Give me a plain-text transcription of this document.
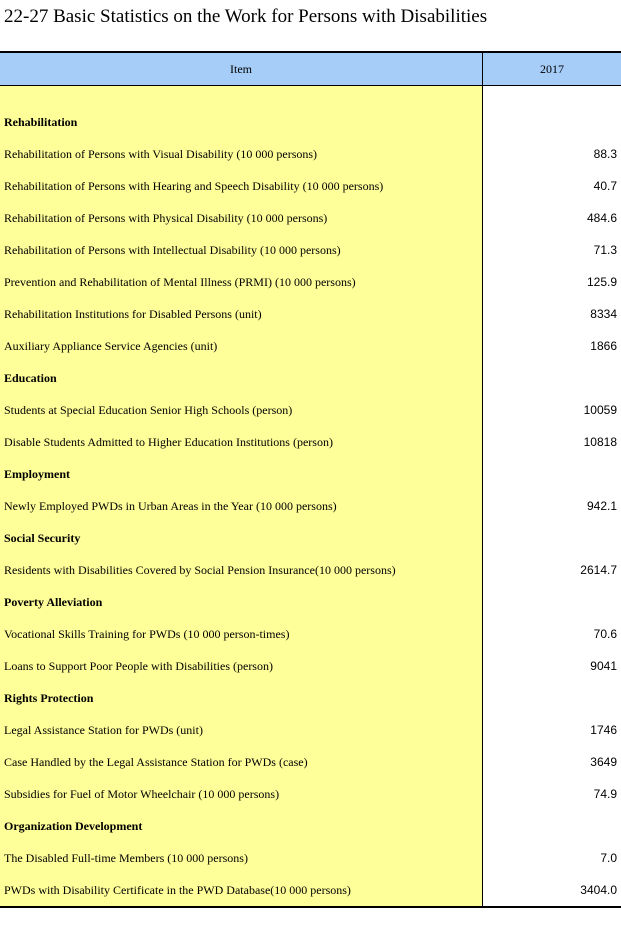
22-27 Basic Statistics on the Work for Persons with Disabilities
Item	2017
Rehabilitation
Rehabilitation of Persons with Visual Disability (10 000 persons)
Rehabilitation of Persons with Hearing and Speech Disability (10 000 persons)
Rehabilitation of Persons with Physical Disability (10 000 persons)
Rehabilitation of Persons with Intellectual Disability (10 000 persons)
Prevention and Rehabilitation of Mental Illness (PRMI) (10 000 persons)
Rehabilitation Institutions for Disabled Persons (unit)
Auxiliary Appliance Service Agencies (unit)
Education
Students at Special Education Senior High Schools (person)
Disable Students Admitted to Higher Education Institutions (person)
Employment
Newly Employed PWDs in Urban Areas in the Year (10 000 persons)
Social Security
Residents with Disabilities Covered by Social Pension Insurance(10 000 persons)
Poverty Alleviation
Vocational Skills Training for PWDs (10 000 person-times)
Loans to Support Poor People with Disabilities (person)
Rights Protection
Legal Assistance Station for PWDs (unit)
Case Handled by the Legal Assistance Station for PWDs (case)
Subsidies for Fuel of Motor Wheelchair (10 000 persons)
Organization Development
The Disabled Full-time Members (10 000 persons)
PWDs with Disability Certificate in the PWD Database(10 000 persons)
88.3
40.7
484.6
71.3
125.9
8334
1866
10059
10818
942.1
2614.7
70.6
9041
1746
3649
74.9
7.0
3404.0
